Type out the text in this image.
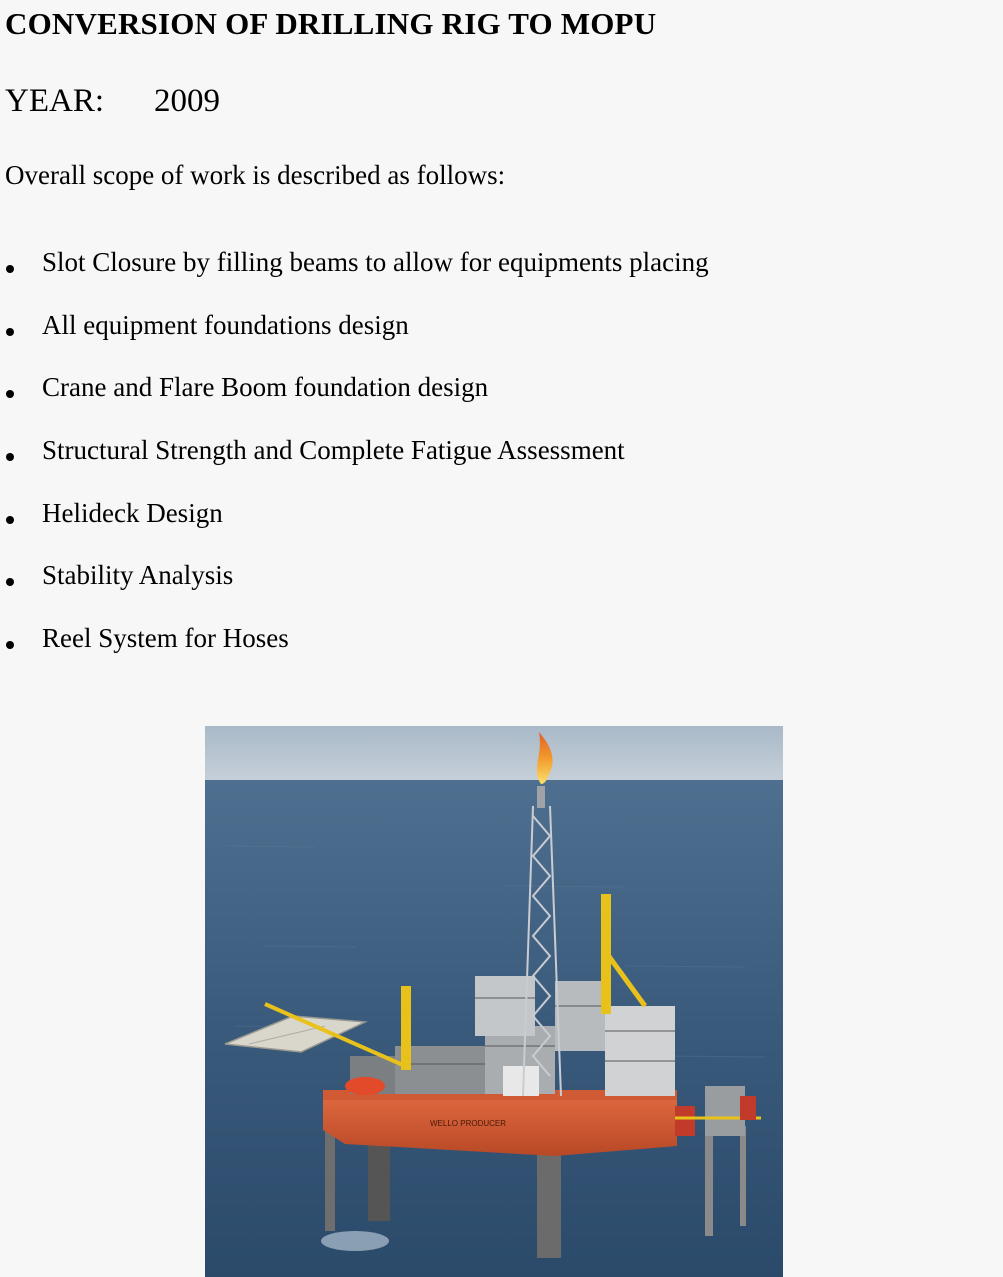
CONVERSION OF DRILLING RIG TO MOPU
YEAR: 2009
Overall scope of work is described as follows:
Slot Closure by filling beams to allow for equipments placing
All equipment foundations design
Crane and Flare Boom foundation design
Structural Strength and Complete Fatigue Assessment
Helideck Design
Stability Analysis
Reel System for Hoses
WELLO PRODUCER
